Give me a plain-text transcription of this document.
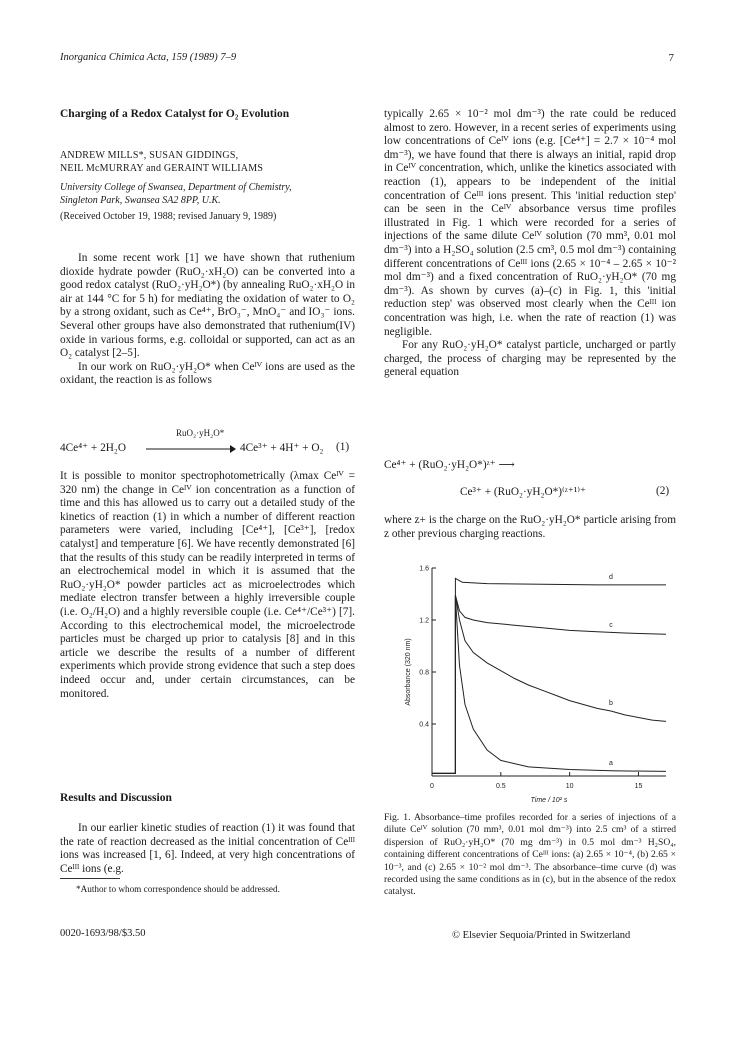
Inorganica Chimica Acta, 159 (1989) 7–9	7
Charging of a Redox Catalyst for O₂ Evolution
ANDREW MILLS*, SUSAN GIDDINGS,
NEIL McMURRAY and GERAINT WILLIAMS
University College of Swansea, Department of Chemistry,
Singleton Park, Swansea SA2 8PP, U.K.
(Received October 19, 1988; revised January 9, 1989)

In some recent work [1] we have shown that ruthenium dioxide hydrate powder (RuO₂·xH₂O) can be converted into a good redox catalyst (RuO₂·yH₂O*) (by annealing RuO₂·xH₂O in air at 144 °C for 5 h) for mediating the oxidation of water to O₂ by a strong oxidant, such as Ce⁴⁺, BrO₃⁻, MnO₄⁻ and IO₃⁻ ions. Several other groups have also demonstrated that ruthenium(IV) oxide in various forms, e.g. colloidal or supported, can act as an O₂ catalyst [2–5].

In our work on RuO₂·yH₂O* when Ceᴵⱽ ions are used as the oxidant, the reaction is as follows

RuO₂·yH₂O*
4Ce⁴⁺ + 2H₂O	4Ce³⁺ + 4H⁺ + O₂ (1)

It is possible to monitor spectrophotometrically (λmax Ceᴵⱽ = 320 nm) the change in Ceᴵⱽ ion concentration as a function of time and this has allowed us to carry out a detailed study of the kinetics of reaction (1) in which a number of different reaction parameters were varied, including [Ce⁴⁺], [Ce³⁺], [redox catalyst] and temperature [6]. We have recently demonstrated [6] that the results of this study can be readily interpreted in terms of an electrochemical model in which it is assumed that the RuO₂·yH₂O* powder particles act as microelectrodes which mediate electron transfer between a highly irreversible couple (i.e. O₂/H₂O) and a highly reversible couple (i.e. Ce⁴⁺/Ce³⁺) [7]. According to this electrochemical model, the microelectrode particles must be charged up prior to catalysis [8] and in this article we describe the results of a number of different experiments which provide strong evidence that such a step does indeed occur and, under certain circumstances, can be monitored.

Results and Discussion

In our earlier kinetic studies of reaction (1) it was found that the rate of reaction decreased as the initial concentration of Ceᴵᴵᴵ ions was increased [1, 6]. Indeed, at very high concentrations of Ceᴵᴵᴵ ions (e.g.

*Author to whom correspondence should be addressed.
0020-1693/98/$3.50

typically 2.65 × 10⁻² mol dm⁻³) the rate could be reduced almost to zero. However, in a recent series of experiments using low concentrations of Ceᴵⱽ ions (e.g. [Ce⁴⁺] = 2.7 × 10⁻⁴ mol dm⁻³), we have found that there is always an initial, rapid drop in Ceᴵⱽ concentration, which, unlike the kinetics associated with reaction (1), appears to be independent of the initial concentration of Ceᴵᴵᴵ ions present. This 'initial reduction step' can be seen in the Ceᴵⱽ absorbance versus time profiles illustrated in Fig. 1 which were recorded for a series of injections of the same dilute Ceᴵⱽ solution (70 mm³, 0.01 mol dm⁻³) into a H₂SO₄ solution (2.5 cm³, 0.5 mol dm⁻³) containing different concentrations of Ceᴵᴵᴵ ions (2.65 × 10⁻⁴ – 2.65 × 10⁻² mol dm⁻³) and a fixed concentration of RuO₂·yH₂O* (70 mg dm⁻³). As shown by curves (a)–(c) in Fig. 1, this 'initial reduction step' was observed most clearly when the Ceᴵᴵᴵ ion concentration was high, i.e. when the rate of reaction (1) was negligible.

For any RuO₂·yH₂O* catalyst particle, uncharged or partly charged, the process of charging may be represented by the general equation

Ce⁴⁺ + (RuO₂·yH₂O*)ᶻ⁺ ⟶
Ce³⁺ + (RuO₂·yH₂O*)⁽ᶻ⁺¹⁾⁺	(2)

where z+ is the charge on the RuO₂·yH₂O* particle arising from z other previous charging reactions.

0	0.5	10	15
0.4
0.8
1.2
1.6
Time / 10² s
Absorbance (320 nm)
a
b
c
d
Fig. 1. Absorbance–time profiles recorded for a series of injections of a dilute Ceᴵⱽ solution (70 mm³, 0.01 mol dm⁻³) into 2.5 cm³ of a stirred dispersion of RuO₂·yH₂O* (70 mg dm⁻³) in 0.5 mol dm⁻³ H₂SO₄, containing different concentrations of Ceᴵᴵᴵ ions: (a) 2.65 × 10⁻⁴, (b) 2.65 × 10⁻³, and (c) 2.65 × 10⁻² mol dm⁻³. The absorbance–time curve (d) was recorded using the same conditions as in (c), but in the absence of the redox catalyst.
© Elsevier Sequoia/Printed in Switzerland
